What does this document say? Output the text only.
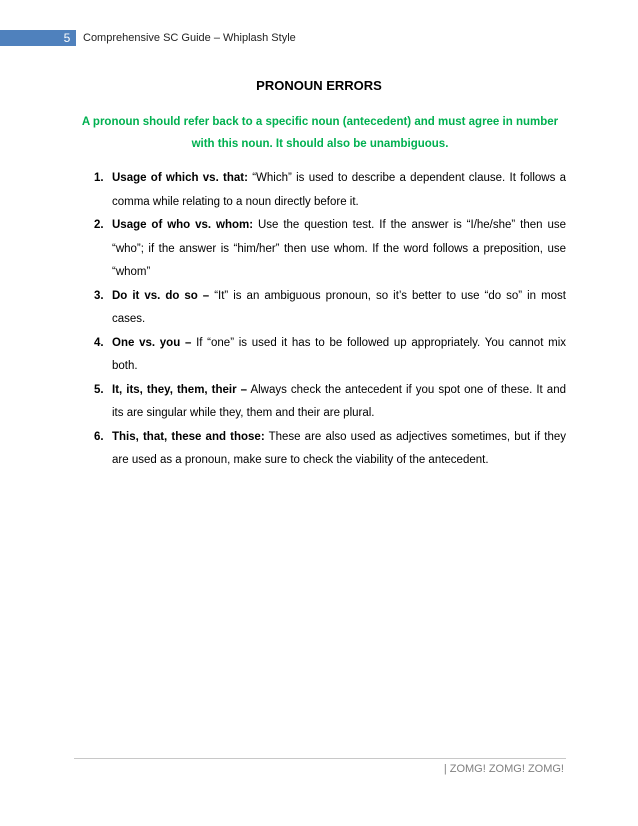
5	Comprehensive SC Guide – Whiplash Style
PRONOUN ERRORS
A pronoun should refer back to a specific noun (antecedent) and must agree in number with this noun. It should also be unambiguous.
1. Usage of which vs. that: “Which” is used to describe a dependent clause. It follows a comma while relating to a noun directly before it.
2. Usage of who vs. whom: Use the question test. If the answer is “I/he/she” then use “who”; if the answer is “him/her” then use whom. If the word follows a preposition, use “whom”
3. Do it vs. do so – “It” is an ambiguous pronoun, so it’s better to use “do so” in most cases.
4. One vs. you – If “one” is used it has to be followed up appropriately. You cannot mix both.
5. It, its, they, them, their – Always check the antecedent if you spot one of these. It and its are singular while they, them and their are plural.
6. This, that, these and those: These are also used as adjectives sometimes, but if they are used as a pronoun, make sure to check the viability of the antecedent.
| ZOMG! ZOMG! ZOMG!
